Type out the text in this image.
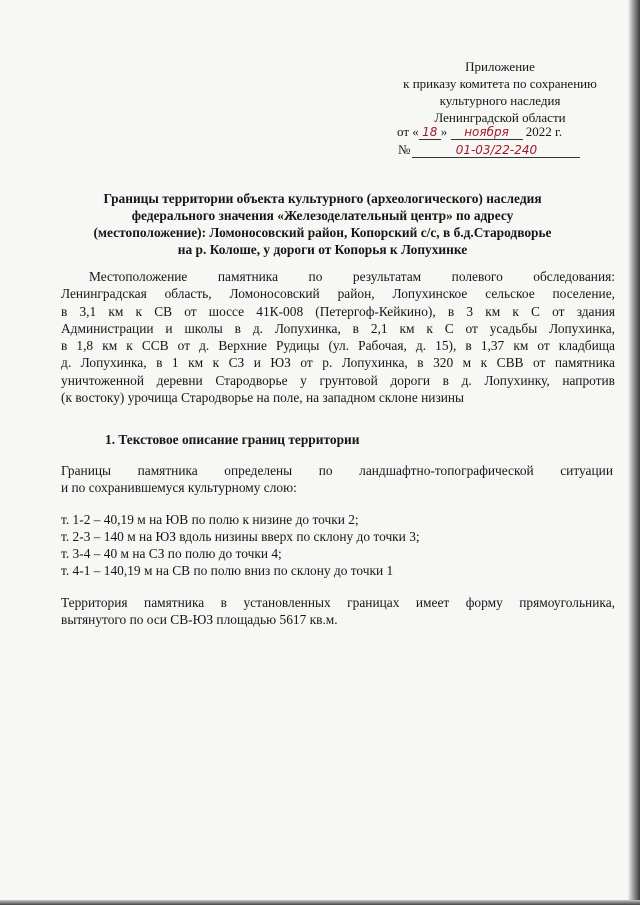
Приложение
к приказу комитета по сохранению
культурного наследия
Ленинградской области
от « 18 » ноября 2022 г.
№	01-03/22-240
Границы территории объекта культурного (археологического) наследия
федерального значения «Железоделательный центр» по адресу
(местоположение): Ломоносовский район, Копорский с/с, в б.д.Стародворье
на р. Колоше, у дороги от Копорья к Лопухинке
Местоположение памятника по результатам полевого обследования:
Ленинградская область, Ломоносовский район, Лопухинское сельское поселение,
в 3,1 км к СВ от шоссе 41К-008 (Петергоф-Кейкино), в 3 км к С от здания
Администрации и школы в д. Лопухинка, в 2,1 км к С от усадьбы Лопухинка,
в 1,8 км к ССВ от д. Верхние Рудицы (ул. Рабочая, д. 15), в 1,37 км от кладбища
д. Лопухинка, в 1 км к СЗ и ЮЗ от р. Лопухинка, в 320 м к СВВ от памятника
уничтоженной деревни Стародворье у грунтовой дороги в д. Лопухинку, напротив
(к востоку) урочища Стародворье на поле, на западном склоне низины
1. Текстовое описание границ территории
Границы памятника определены по ландшафтно-топографической ситуации
и по сохранившемуся культурному слою:
т. 1-2 – 40,19 м на ЮВ по полю к низине до точки 2;
т. 2-3 – 140 м на ЮЗ вдоль низины вверх по склону до точки 3;
т. 3-4 – 40 м на СЗ по полю до точки 4;
т. 4-1 – 140,19 м на СВ по полю вниз по склону до точки 1
Территория памятника в установленных границах имеет форму прямоугольника,
вытянутого по оси СВ-ЮЗ площадью 5617 кв.м.
